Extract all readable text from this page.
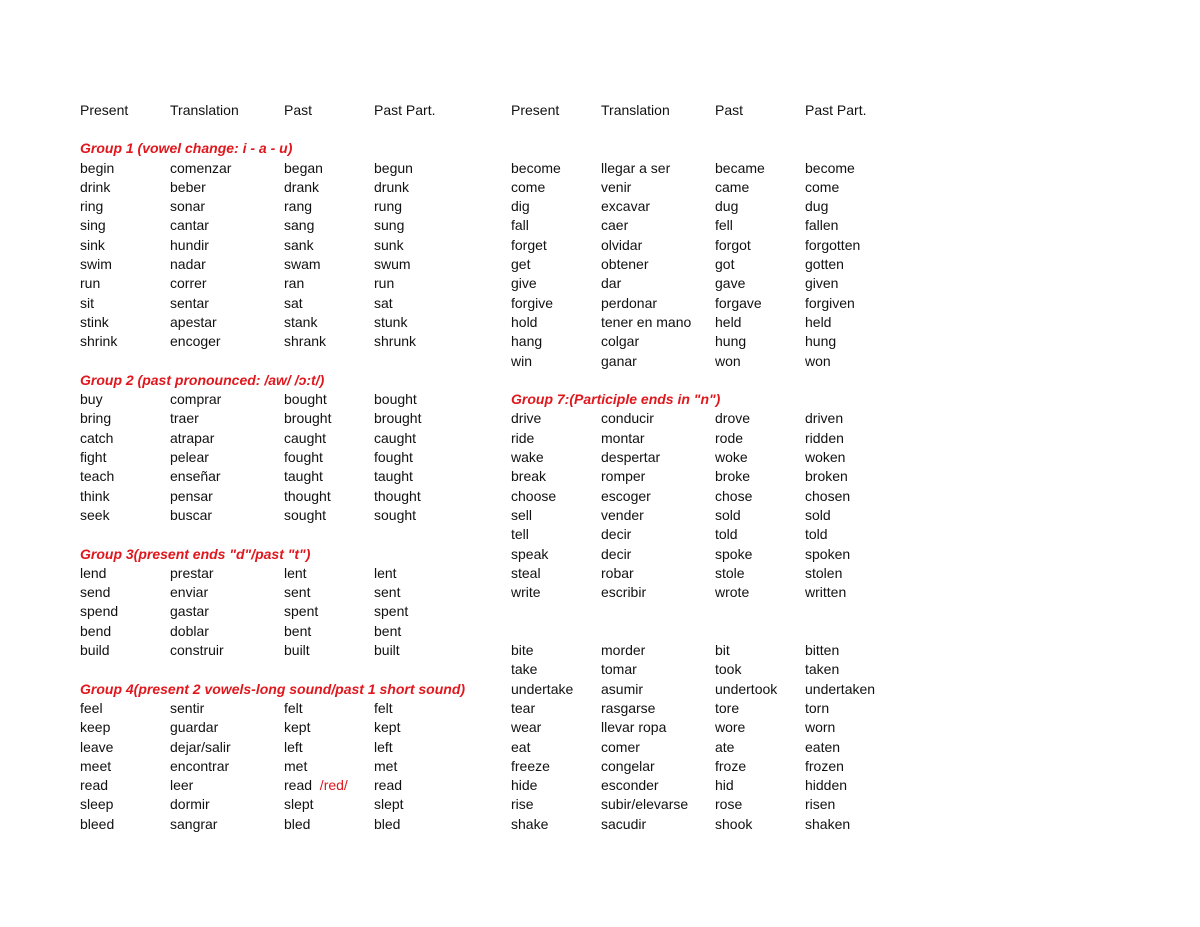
Present	Translation	Past	Past Part.
Group 1 (vowel change: i - a - u)
begin	comenzar	began	begun
drink	beber	drank	drunk
ring	sonar	rang	rung
sing	cantar	sang	sung
sink	hundir	sank	sunk
swim	nadar	swam	swum
run	correr	ran	run
sit	sentar	sat	sat
stink	apestar	stank	stunk
shrink	encoger	shrank	shrunk
Group 2 (past pronounced: /aw/ /ɔ:t/)
buy	comprar	bought	bought
bring	traer	brought	brought
catch	atrapar	caught	caught
fight	pelear	fought	fought
teach	enseñar	taught	taught
think	pensar	thought	thought
seek	buscar	sought	sought
Group 3(present ends "d"/past "t")
lend	prestar	lent	lent
send	enviar	sent	sent
spend	gastar	spent	spent
bend	doblar	bent	bent
build	construir	built	built
Group 4(present 2 vowels-long sound/past 1 short sound)
feel	sentir	felt	felt
keep	guardar	kept	kept
leave	dejar/salir	left	left
meet	encontrar	met	met
read	leer	read  /red/	read
sleep	dormir	slept	slept
bleed	sangrar	bled	bled
Present	Translation	Past	Past Part.
become	llegar a ser	became	become
come	venir	came	come
dig	excavar	dug	dug
fall	caer	fell	fallen
forget	olvidar	forgot	forgotten
get	obtener	got	gotten
give	dar	gave	given
forgive	perdonar	forgave	forgiven
hold	tener en mano	held	held
hang	colgar	hung	hung
win	ganar	won	won
Group 7:(Participle ends in "n")
drive	conducir	drove	driven
ride	montar	rode	ridden
wake	despertar	woke	woken
break	romper	broke	broken
choose	escoger	chose	chosen
sell	vender	sold	sold
tell	decir	told	told
speak	decir	spoke	spoken
steal	robar	stole	stolen
write	escribir	wrote	written
bite	morder	bit	bitten
take	tomar	took	taken
undertake	asumir	undertook	undertaken
tear	rasgarse	tore	torn
wear	llevar ropa	wore	worn
eat	comer	ate	eaten
freeze	congelar	froze	frozen
hide	esconder	hid	hidden
rise	subir/elevarse	rose	risen
shake	sacudir	shook	shaken
